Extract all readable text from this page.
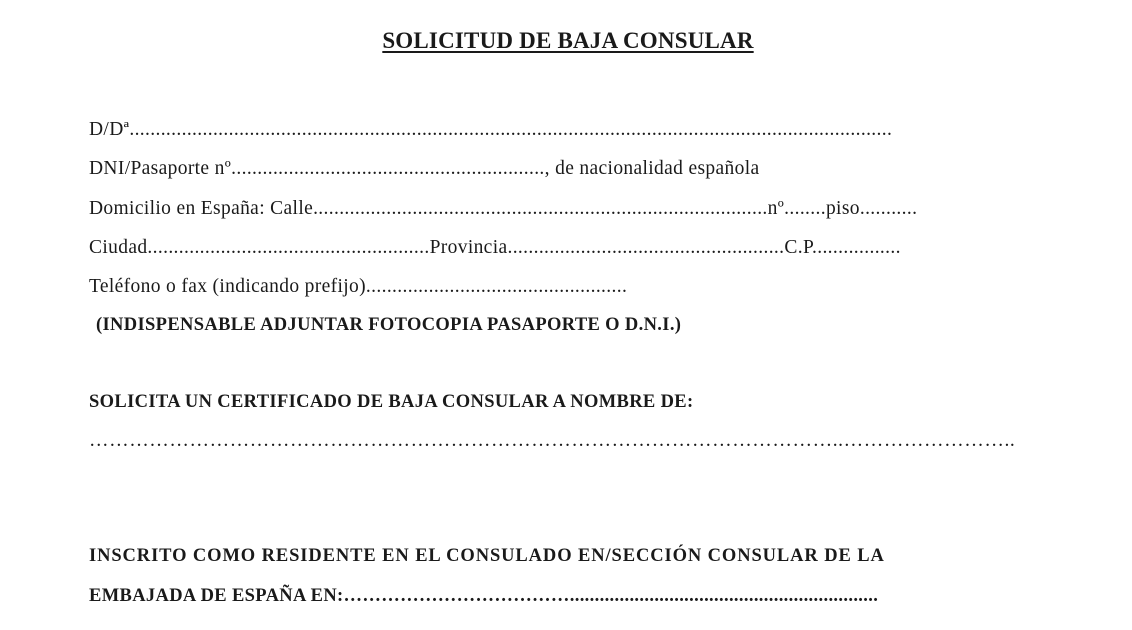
SOLICITUD DE BAJA CONSULAR
D/Dª..................................................................................................................................................
DNI/Pasaporte nº............................................................, de nacionalidad española
Domicilio en España: Calle.......................................................................................nº........piso...........
Ciudad......................................................Provincia.....................................................C.P.................
Teléfono o fax (indicando prefijo)..................................................
(INDISPENSABLE ADJUNTAR FOTOCOPIA PASAPORTE O D.N.I.)
SOLICITA UN CERTIFICADO DE BAJA CONSULAR A NOMBRE DE:
…………………………………………………………………………………………………..……………………..
INSCRITO COMO RESIDENTE EN EL CONSULADO EN/SECCIÓN CONSULAR DE LA
EMBAJADA DE ESPAÑA EN:………………………………..............................................................
